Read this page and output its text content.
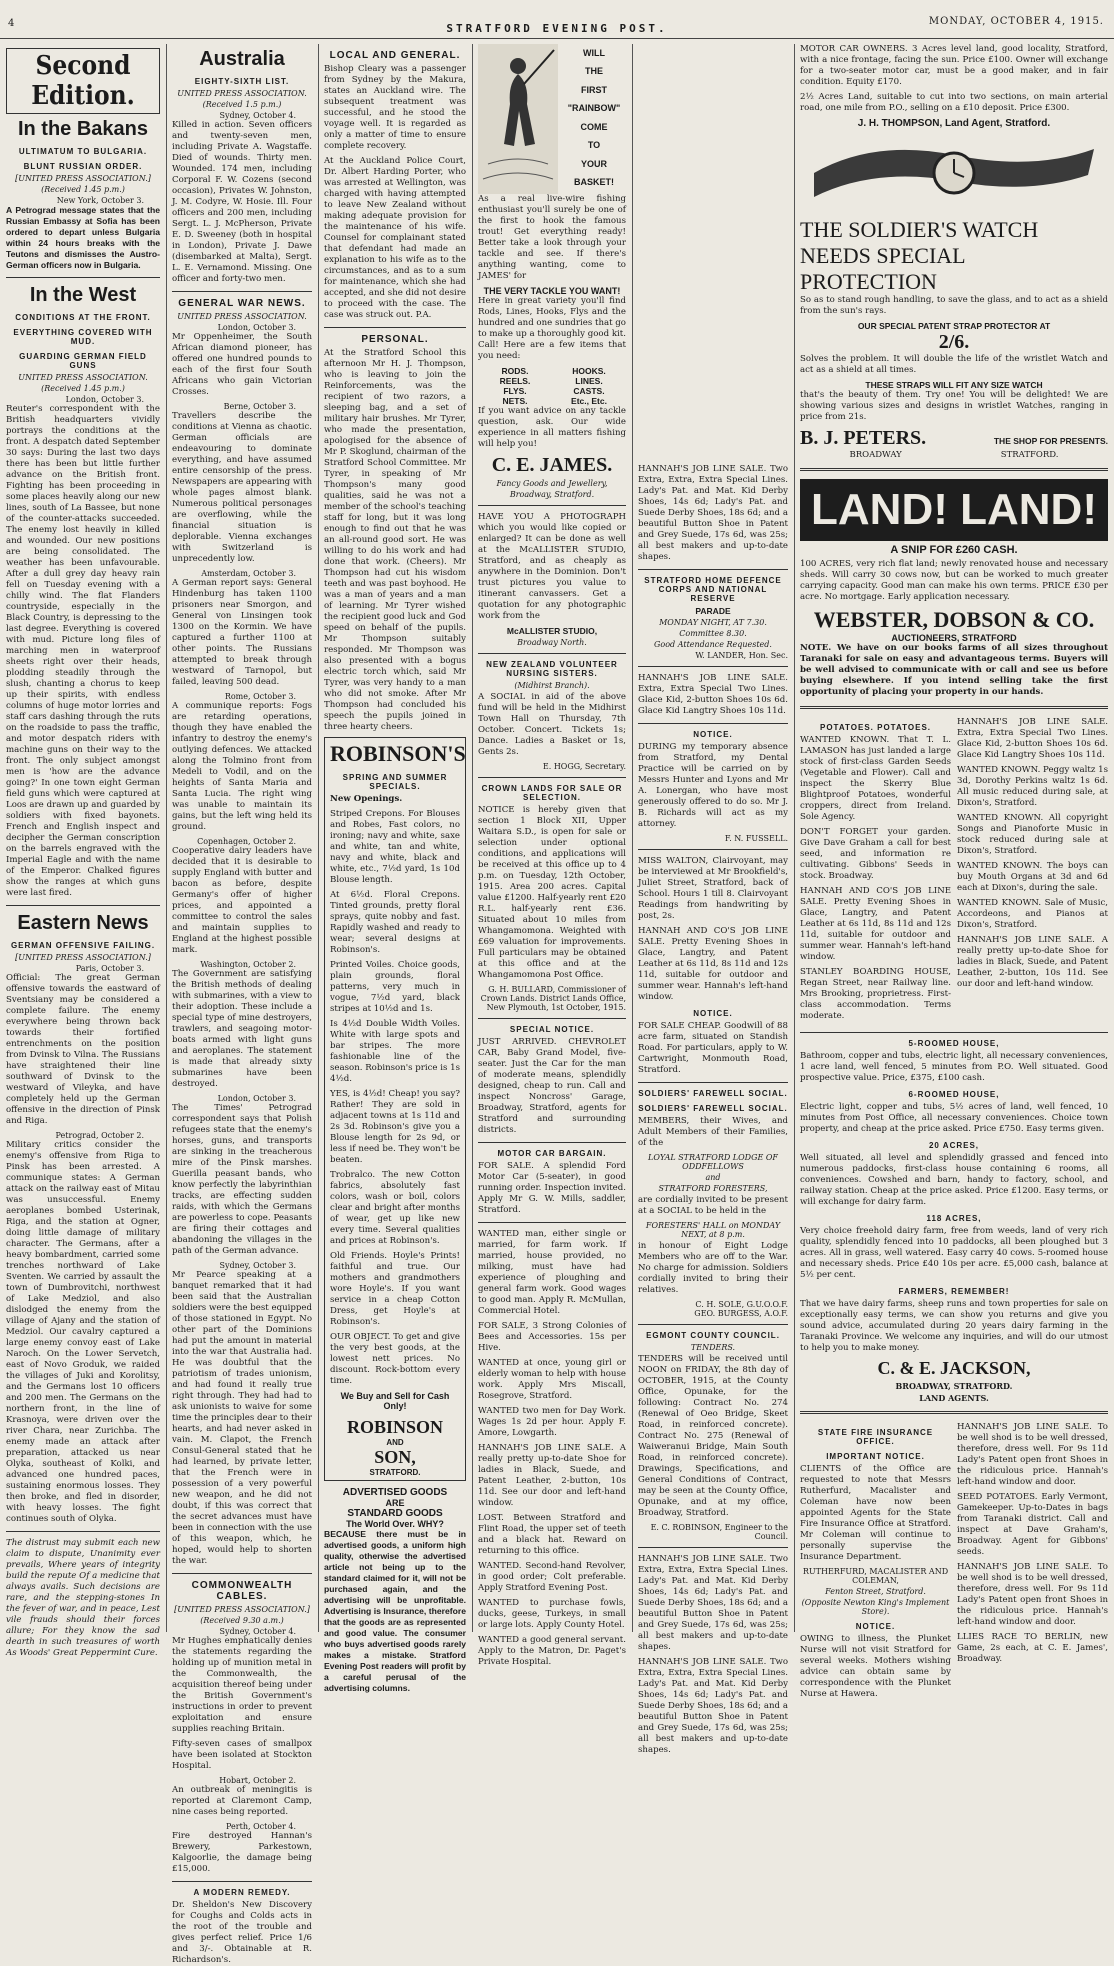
4	STRATFORD EVENING POST.
MONDAY, OCTOBER 4, 1915.
Second Edition.
In the Bakans
ULTIMATUM TO BULGARIA.
BLUNT RUSSIAN ORDER.
[UNITED PRESS ASSOCIATION.]
(Received 1.45 p.m.)
New York, October 3.

A Petrograd message states that the Russian Embassy at Sofia has been ordered to depart unless Bulgaria within 24 hours breaks with the Teutons and dismisses the Austro-German officers now in Bulgaria.

In the West
CONDITIONS AT THE FRONT.
EVERYTHING COVERED WITH MUD.
GUARDING GERMAN FIELD GUNS
UNITED PRESS ASSOCIATION.
(Received 1.45 p.m.)
London, October 3.

Reuter's correspondent with the British headquarters vividly portrays the conditions at the front. A despatch dated September 30 says: During the last two days there has been but little further advance on the British front. Fighting has been proceeding in some places heavily along our new lines, south of La Bassee, but none of the counter-attacks succeeded. The enemy lost heavily in killed and wounded. Our new positions are being consolidated. The weather has been unfavourable. After a dull grey day heavy rain fell on Tuesday evening with a chilly wind. The flat Flanders countryside, especially in the Black Country, is depressing to the last degree. Everything is covered with mud. Picture long files of marching men in waterproof sheets right over their heads, plodding steadily through the slush, chanting a chorus to keep up their spirits, with endless columns of huge motor lorries and staff cars dashing through the ruts on the roadside to pass the traffic, and motor despatch riders with machine guns on their way to the front. The only subject amongst men is 'how are the advance going?' In one town eight German field guns which were captured at Loos are drawn up and guarded by soldiers with fixed bayonets. French and English inspect and decipher the German conscription on the barrels engraved with the Imperial Eagle and with the name of the Emperor. Chalked figures show the ranges at which guns were last fired.

Eastern News
GERMAN OFFENSIVE FAILING.
[UNITED PRESS ASSOCIATION.]
Paris, October 3.

Official: The great German offensive towards the eastward of Sventsiany may be considered a complete failure. The enemy everywhere being thrown back towards their fortified entrenchments on the position from Dvinsk to Vilna. The Russians have straightened their line southward of Dvinsk to the westward of Vileyka, and have completely held up the German offensive in the direction of Pinsk and Riga.

Petrograd, October 2.

Military critics consider the enemy's offensive from Riga to Pinsk has been arrested. A communique states: A German attack on the railway east of Mitau was unsuccessful. Enemy aeroplanes bombed Usterinak, Riga, and the station at Ogner, doing little damage of military character. The Germans, after a heavy bombardment, carried some trenches northward of Lake Sventen. We carried by assault the town of Dumbrovitchi, northwest of Lake Medziol, and also dislodged the enemy from the village of Ajany and the station of Medziol. Our cavalry captured a large enemy convoy east of Lake Naroch. On the Lower Servetch, east of Novo Groduk, we raided the villages of Juki and Korolitsy, and the Germans lost 10 officers and 200 men. The Germans on the northern front, in the line of Krasnoya, were driven over the river Chara, near Zurichba. The enemy made an attack after preparation, attacked us near Olyka, southeast of Kolki, and advanced one hundred paces, sustaining enormous losses. They then broke, and fled in disorder, with heavy losses. The fight continues south of Olyka.

The distrust may submit each new claim to dispute, Unanimity ever prevails, Where years of integrity build the repute Of a medicine that always avails. Such decisions are rare, and the stepping-stones In the fever of war, and in peace, Lest vile frauds should their forces allure; For they know the sad dearth in such treasures of worth As Woods' Great Peppermint Cure.

Australia
EIGHTY-SIXTH LIST.
UNITED PRESS ASSOCIATION.
(Received 1.5 p.m.)
Sydney, October 4.

Killed in action. Seven officers and twenty-seven men, including Private A. Wagstaffe. Died of wounds. Thirty men. Wounded. 174 men, including Corporal F. W. Cozens (second occasion), Privates W. Johnston, J. M. Codyre, W. Hosie. Ill. Four officers and 200 men, including Sergt. L. J. McPherson, Private E. D. Sweeney (both in hospital in London), Private J. Dawe (disembarked at Malta), Sergt. L. E. Vernamond. Missing. One officer and forty-two men.

GENERAL WAR NEWS.
UNITED PRESS ASSOCIATION.
London, October 3.

Mr Oppenheimer, the South African diamond pioneer, has offered one hundred pounds to each of the first four South Africans who gain Victorian Crosses.

Berne, October 3.

Travellers describe the conditions at Vienna as chaotic. German officials are endeavouring to dominate everything, and have assumed entire censorship of the press. Newspapers are appearing with whole pages almost blank. Numerous political personages are overflowing, while the financial situation is deplorable. Vienna exchanges with Switzerland is unprecedently low.

Amsterdam, October 3.

A German report says: General Hindenburg has taken 1100 prisoners near Smorgon, and General von Linsingen took 1300 on the Kormin. We have captured a further 1100 at other points. The Russians attempted to break through westward of Tarnopol, but failed, leaving 500 dead.

Rome, October 3.

A communique reports: Fogs are retarding operations, though they have enabled the infantry to destroy the enemy's outlying defences. We attacked along the Tolmino front from Medeli to Vodil, and on the heights of Santa Maria and Santa Lucia. The right wing was unable to maintain its gains, but the left wing held its ground.

Copenhagen, October 2.

Cooperative dairy leaders have decided that it is desirable to supply England with butter and bacon as before, despite Germany's offer of higher prices, and appointed a committee to control the sales and maintain supplies to England at the highest possible mark.

Washington, October 2.

The Government are satisfying the British methods of dealing with submarines, with a view to their adoption. These include a special type of mine destroyers, trawlers, and seagoing motor-boats armed with light guns and aeroplanes. The statement is made that already sixty submarines have been destroyed.

London, October 3.

The Times' Petrograd correspondent says that Polish refugees state that the enemy's horses, guns, and transports are sinking in the treacherous mire of the Pinsk marshes. Guerilla peasant bands, who know perfectly the labyrinthian tracks, are effecting sudden raids, with which the Germans are powerless to cope. Peasants are firing their cottages and abandoning the villages in the path of the German advance.

Sydney, October 3.

Mr Pearce speaking at a banquet remarked that it had been said that the Australian soldiers were the best equipped of those stationed in Egypt. No other part of the Dominions had put the amount in material into the war that Australia had. He was doubtful that the patriotism of trades unionism, and had found it really true right through. They had had to ask unionists to waive for some time the principles dear to their hearts, and had never asked in vain. M. Clapot, the French Consul-General stated that he had learned, by private letter, that the French were in possession of a very powerful new weapon, and he did not doubt, if this was correct that the secret advances must have been in connection with the use of this weapon, which, he hoped, would help to shorten the war.

COMMONWEALTH CABLES.
[UNITED PRESS ASSOCIATION.]
(Received 9.30 a.m.)
Sydney, October 4.

Mr Hughes emphatically denies the statements regarding the holding up of munition metal in the Commonwealth, the acquisition thereof being under the British Government's instructions in order to prevent exploitation and ensure supplies reaching Britain.

Fifty-seven cases of smallpox have been isolated at Stockton Hospital.

Hobart, October 2.

An outbreak of meningitis is reported at Claremont Camp, nine cases being reported.

Perth, October 4.

Fire destroyed Hannan's Brewery, Parkestown, Kalgoorlie, the damage being £15,000.

A MODERN REMEDY.

Dr. Sheldon's New Discovery for Coughs and Colds acts in the root of the trouble and gives perfect relief. Price 1/6 and 3/-. Obtainable at R. Richardson's.

LOCAL AND GENERAL.

Bishop Cleary was a passenger from Sydney by the Makura, states an Auckland wire. The subsequent treatment was successful, and he stood the voyage well. It is regarded as only a matter of time to ensure complete recovery.

At the Auckland Police Court, Dr. Albert Harding Porter, who was arrested at Wellington, was charged with having attempted to leave New Zealand without making adequate provision for the maintenance of his wife. Counsel for complainant stated that defendant had made an explanation to his wife as to the circumstances, and as to a sum for maintenance, which she had accepted, and she did not desire to proceed with the case. The case was struck out. P.A.

PERSONAL.

At the Stratford School this afternoon Mr H. J. Thompson, who is leaving to join the Reinforcements, was the recipient of two razors, a sleeping bag, and a set of military hair brushes. Mr Tyrer, who made the presentation, apologised for the absence of Mr P. Skoglund, chairman of the Stratford School Committee. Mr Tyrer, in speaking of Mr Thompson's many good qualities, said he was not a member of the school's teaching staff for long, but it was long enough to find out that he was an all-round good sort. He was willing to do his work and had done that work. (Cheers). Mr Thompson had cut his wisdom teeth and was past boyhood. He was a man of years and a man of learning. Mr Tyrer wished the recipient good luck and God speed on behalf of the pupils. Mr Thompson suitably responded. Mr Thompson was also presented with a bogus electric torch which, said Mr Tyrer, was very handy to a man who did not smoke. After Mr Thompson had concluded his speech the pupils joined in three hearty cheers.

ROBINSON'S
SPRING AND SUMMER SPECIALS.

New Openings.

Striped Crepons. For Blouses and Robes, Fast colors, no ironing; navy and white, saxe and white, tan and white, navy and white, black and white, etc., 7½d yard, 1s 10d Blouse length.

At 6½d. Floral Crepons. Tinted grounds, pretty floral sprays, quite nobby and fast. Rapidly washed and ready to wear; several designs at Robinson's.

Printed Voiles. Choice goods, plain grounds, floral patterns, very much in vogue, 7½d yard, black stripes at 10½d and 1s.

Is 4½d Double Width Voiles. White with large spots and bar stripes. The more fashionable line of the season. Robinson's price is 1s 4½d.

YES, is 4½d! Cheap! you say? Rather! They are sold in adjacent towns at 1s 11d and 2s 3d. Robinson's give you a Blouse length for 2s 9d, or less if need be. They won't be beaten.

Trobralco. The new Cotton fabrics, absolutely fast colors, wash or boil, colors clear and bright after months of wear, get up like new every time. Several qualities and prices at Robinson's.

Old Friends. Hoyle's Prints! faithful and true. Our mothers and grandmothers wore Hoyle's. If you want service in a cheap Cotton Dress, get Hoyle's at Robinson's.

OUR OBJECT. To get and give the very best goods, at the lowest nett prices. No discount. Rock-bottom every time.

We Buy and Sell for Cash Only!
ROBINSON
AND
SON,
STRATFORD.
ADVERTISED GOODS
ARE
STANDARD GOODS
The World Over. WHY?

BECAUSE there must be in advertised goods, a uniform high quality, otherwise the advertised article not being up to the standard claimed for it, will not be purchased again, and the advertising will be unprofitable. Advertising is Insurance, therefore that the goods are as represented and good value. The consumer who buys advertised goods rarely makes a mistake. Stratford Evening Post readers will profit by a careful perusal of the advertising columns.

WILL
THE
FIRST
"RAINBOW"
COME
TO
YOUR
BASKET!

As a real live-wire fishing enthusiast you'll surely be one of the first to hook the famous trout! Get everything ready! Better take a look through your tackle and see. If there's anything wanting, come to JAMES' for

THE VERY TACKLE YOU WANT!

Here in great variety you'll find Rods, Lines, Hooks, Flys and the hundred and one sundries that go to make up a thoroughly good kit. Call! Here are a few items that you need:

RODS.	HOOKS.
REELS.	LINES.
FLYS.	CASTS.
NETS.	Etc., Etc.

If you want advice on any tackle question, ask. Our wide experience in all matters fishing will help you!

C. E. JAMES.
Fancy Goods and Jewellery,
Broadway, Stratford.

HAVE YOU A PHOTOGRAPH which you would like copied or enlarged? It can be done as well at the McALLISTER STUDIO, Stratford, and as cheaply as anywhere in the Dominion. Don't trust pictures you value to itinerant canvassers. Get a quotation for any photographic work from the

McALLISTER STUDIO,
Broadway North.
NEW ZEALAND VOLUNTEER NURSING SISTERS.
(Midhirst Branch).

A SOCIAL in aid of the above fund will be held in the Midhirst Town Hall on Thursday, 7th October. Concert. Tickets 1s; Dance. Ladies a Basket or 1s, Gents 2s.

E. HOGG, Secretary.
CROWN LANDS FOR SALE OR SELECTION.

NOTICE is hereby given that section 1 Block XII, Upper Waitara S.D., is open for sale or selection under optional conditions, and applications will be received at this office up to 4 p.m. on Tuesday, 12th October, 1915. Area 200 acres. Capital value £1200. Half-yearly rent £20 R.L. half-yearly rent £36. Situated about 10 miles from Whangamomona. Weighted with £69 valuation for improvements. Full particulars may be obtained at this office and at the Whangamomona Post Office.

G. H. BULLARD, Commissioner of Crown Lands. District Lands Office, New Plymouth, 1st October, 1915.
SPECIAL NOTICE.

JUST ARRIVED. CHEVROLET CAR, Baby Grand Model, five-seater. Just the Car for the man of moderate means, splendidly designed, cheap to run. Call and inspect Noncross' Garage, Broadway, Stratford, agents for Stratford and surrounding districts.

MOTOR CAR BARGAIN.

FOR SALE. A splendid Ford Motor Car (5-seater), in good running order. Inspection invited. Apply Mr G. W. Mills, saddler, Stratford.

WANTED man, either single or married, for farm work. If married, house provided, no milking, must have had experience of ploughing and general farm work. Good wages to good man. Apply R. McMullan, Commercial Hotel.

FOR SALE, 3 Strong Colonies of Bees and Accessories. 15s per Hive.

WANTED at once, young girl or elderly woman to help with house work. Apply Mrs Miscall, Rosegrove, Stratford.

WANTED two men for Day Work. Wages 1s 2d per hour. Apply F. Amore, Lowgarth.

HANNAH'S JOB LINE SALE. A really pretty up-to-date Shoe for ladies in Black, Suede, and Patent Leather, 2-button, 10s 11d. See our door and left-hand window.

LOST. Between Stratford and Flint Road, the upper set of teeth and a black hat. Reward on returning to this office.

WANTED. Second-hand Revolver, in good order; Colt preferable. Apply Stratford Evening Post.

WANTED to purchase fowls, ducks, geese, Turkeys, in small or large lots. Apply County Hotel.

WANTED a good general servant. Apply to the Matron, Dr. Paget's Private Hospital.

HANNAH'S JOB LINE SALE. Two Extra, Extra, Extra Special Lines. Lady's Pat. and Mat. Kid Derby Shoes, 14s 6d; Lady's Pat. and Suede Derby Shoes, 18s 6d; and a beautiful Button Shoe in Patent and Grey Suede, 17s 6d, was 25s; all best makers and up-to-date shapes.

STRATFORD HOME DEFENCE CORPS AND NATIONAL RESERVE
PARADE
MONDAY NIGHT, AT 7.30.
Committee 8.30.
Good Attendance Requested.
W. LANDER, Hon. Sec.

HANNAH'S JOB LINE SALE. Extra, Extra Special Two Lines. Glace Kid, 2-button Shoes 10s 6d. Glace Kid Langtry Shoes 10s 11d.

NOTICE.

DURING my temporary absence from Stratford, my Dental Practice will be carried on by Messrs Hunter and Lyons and Mr A. Lonergan, who have most generously offered to do so. Mr J. B. Richards will act as my attorney.

F. N. FUSSELL.

MISS WALTON, Clairvoyant, may be interviewed at Mr Brookfield's, Juliet Street, Stratford, back of School. Hours 1 till 8. Clairvoyant Readings from handwriting by post, 2s.

HANNAH AND CO'S JOB LINE SALE. Pretty Evening Shoes in Glace, Langtry, and Patent Leather at 6s 11d, 8s 11d and 12s 11d, suitable for outdoor and summer wear. Hannah's left-hand window.

NOTICE.

FOR SALE CHEAP. Goodwill of 88 acre farm, situated on Standish Road. For particulars, apply to W. Cartwright, Monmouth Road, Stratford.

SOLDIERS' FAREWELL SOCIAL.
SOLDIERS' FAREWELL SOCIAL.

MEMBERS, their Wives, and Adult Members of their Families, of the

LOYAL STRATFORD LODGE OF ODDFELLOWS
and
STRATFORD FORESTERS,

are cordially invited to be present at a SOCIAL to be held in the

FORESTERS' HALL on MONDAY NEXT, at 8 p.m.

in honour of Eight Lodge Members who are off to the War. No charge for admission. Soldiers cordially invited to bring their relatives.

C. H. SOLE, G.U.O.O.F.
GEO. BURGESS, A.O.F.
EGMONT COUNTY COUNCIL.
TENDERS.

TENDERS will be received until NOON on FRIDAY, the 8th day of OCTOBER, 1915, at the County Office, Opunake, for the following: Contract No. 274 (Renewal of Oeo Bridge, Skeet Road, in reinforced concrete). Contract No. 275 (Renewal of Waiweranui Bridge, Main South Road, in reinforced concrete). Drawings, Specifications, and General Conditions of Contract, may be seen at the County Office, Opunake, and at my office, Broadway, Stratford.

E. C. ROBINSON, Engineer to the Council.

HANNAH'S JOB LINE SALE. Two Extra, Extra, Extra Special Lines. Lady's Pat. and Mat. Kid Derby Shoes, 14s 6d; Lady's Pat. and Suede Derby Shoes, 18s 6d; and a beautiful Button Shoe in Patent and Grey Suede, 17s 6d, was 25s; all best makers and up-to-date shapes.

HANNAH'S JOB LINE SALE. Two Extra, Extra, Extra Special Lines. Lady's Pat. and Mat. Kid Derby Shoes, 14s 6d; Lady's Pat. and Suede Derby Shoes, 18s 6d; and a beautiful Button Shoe in Patent and Grey Suede, 17s 6d, was 25s; all best makers and up-to-date shapes.

MOTOR CAR OWNERS. 3 Acres level land, good locality, Stratford, with a nice frontage, facing the sun. Price £100. Owner will exchange for a two-seater motor car, must be a good maker, and in fair condition. Equity £170.

2½ Acres Land, suitable to cut into two sections, on main arterial road, one mile from P.O., selling on a £10 deposit. Price £300.

J. H. THOMPSON, Land Agent, Stratford.
THE SOLDIER'S WATCH
NEEDS SPECIAL
PROTECTION

So as to stand rough handling, to save the glass, and to act as a shield from the sun's rays.

OUR SPECIAL PATENT STRAP PROTECTOR AT
2/6.

Solves the problem. It will double the life of the wristlet Watch and act as a shield at all times.

THESE STRAPS WILL FIT ANY SIZE WATCH

that's the beauty of them. Try one! You will be delighted! We are showing various sizes and designs in wristlet Watches, ranging in price from 21s.

B. J. PETERS.	THE SHOP FOR PRESENTS.
BROADWAY	STRATFORD.
LAND! LAND!
A SNIP FOR £260 CASH.

100 ACRES, very rich flat land; newly renovated house and necessary sheds. Will carry 30 cows now, but can be worked to much greater carrying capacity. Good man can make his own terms. PRICE £30 per acre. No mortgage. Early application necessary.

WEBSTER, DOBSON & CO.
AUCTIONEERS, STRATFORD

NOTE. We have on our books farms of all sizes throughout Taranaki for sale on easy and advantageous terms. Buyers will be well advised to communicate with or call and see us before buying elsewhere. If you intend selling take the first opportunity of placing your property in our hands.

POTATOES. POTATOES.

WANTED KNOWN. That T. L. LAMASON has just landed a large stock of first-class Garden Seeds (Vegetable and Flower). Call and inspect the Skerry Blue Blightproof Potatoes, wonderful croppers, direct from Ireland. Sole Agency.

DON'T FORGET your garden. Give Dave Graham a call for best seed, and information re cultivating. Gibbons' Seeds in stock. Broadway.

HANNAH AND CO'S JOB LINE SALE. Pretty Evening Shoes in Glace, Langtry, and Patent Leather at 6s 11d, 8s 11d and 12s 11d, suitable for outdoor and summer wear. Hannah's left-hand window.

STANLEY BOARDING HOUSE, Regan Street, near Railway line. Mrs Brooking, proprietress. First-class accommodation. Terms moderate.

HANNAH'S JOB LINE SALE. Extra, Extra Special Two Lines. Glace Kid, 2-button Shoes 10s 6d. Glace Kid Langtry Shoes 10s 11d.

WANTED KNOWN. Peggy waltz 1s 3d, Dorothy Perkins waltz 1s 6d. All music reduced during sale, at Dixon's, Stratford.

WANTED KNOWN. All copyright Songs and Pianoforte Music in stock reduced during sale at Dixon's, Stratford.

WANTED KNOWN. The boys can buy Mouth Organs at 3d and 6d each at Dixon's, during the sale.

WANTED KNOWN. Sale of Music, Accordeons, and Pianos at Dixon's, Stratford.

HANNAH'S JOB LINE SALE. A really pretty up-to-date Shoe for ladies in Black, Suede, and Patent Leather, 2-button, 10s 11d. See our door and left-hand window.

5-ROOMED HOUSE,

Bathroom, copper and tubs, electric light, all necessary conveniences, 1 acre land, well fenced, 5 minutes from P.O. Well situated. Good prospective value. Price, £375, £100 cash.

6-ROOMED HOUSE,

Electric light, copper and tubs, 5½ acres of land, well fenced, 10 minutes from Post Office, all necessary conveniences. Choice town property, and cheap at the price asked. Price £750. Easy terms given.

20 ACRES,

Well situated, all level and splendidly grassed and fenced into numerous paddocks, first-class house containing 6 rooms, all conveniences. Cowshed and barn, handy to factory, school, and railway station. Cheap at the price asked. Price £1200. Easy terms, or will exchange for dairy farm.

118 ACRES,

Very choice freehold dairy farm, free from weeds, land of very rich quality, splendidly fenced into 10 paddocks, all been ploughed but 3 acres. All in grass, well watered. Easy carry 40 cows. 5-roomed house and necessary sheds. Price £40 10s per acre. £5,000 cash, balance at 5½ per cent.

FARMERS, REMEMBER!

That we have dairy farms, sheep runs and town properties for sale on exceptionally easy terms, we can show you returns and give you sound advice, accumulated during 20 years dairy farming in the Taranaki Province. We welcome any inquiries, and will do our utmost to help you to make money.

C. & E. JACKSON,
BROADWAY, STRATFORD.
LAND AGENTS.
STATE FIRE INSURANCE OFFICE.
IMPORTANT NOTICE.

CLIENTS of the Office are requested to note that Messrs Rutherfurd, Macalister and Coleman have now been appointed Agents for the State Fire Insurance Office at Stratford. Mr Coleman will continue to personally supervise the Insurance Department.

RUTHERFURD, MACALISTER AND COLEMAN,
Fenton Street, Stratford.
(Opposite Newton King's Implement Store).
NOTICE.

OWING to illness, the Plunket Nurse will not visit Stratford for several weeks. Mothers wishing advice can obtain same by correspondence with the Plunket Nurse at Hawera.

HANNAH'S JOB LINE SALE. To be well shod is to be well dressed, therefore, dress well. For 9s 11d Lady's Patent open front Shoes in the ridiculous price. Hannah's left-hand window and door.

SEED POTATOES. Early Vermont, Gamekeeper. Up-to-Dates in bags from Taranaki district. Call and inspect at Dave Graham's, Broadway. Agent for Gibbons' seeds.

HANNAH'S JOB LINE SALE. To be well shod is to be well dressed, therefore, dress well. For 9s 11d Lady's Patent open front Shoes in the ridiculous price. Hannah's left-hand window and door.

LLIES RACE TO BERLIN, new Game, 2s each, at C. E. James', Broadway.
